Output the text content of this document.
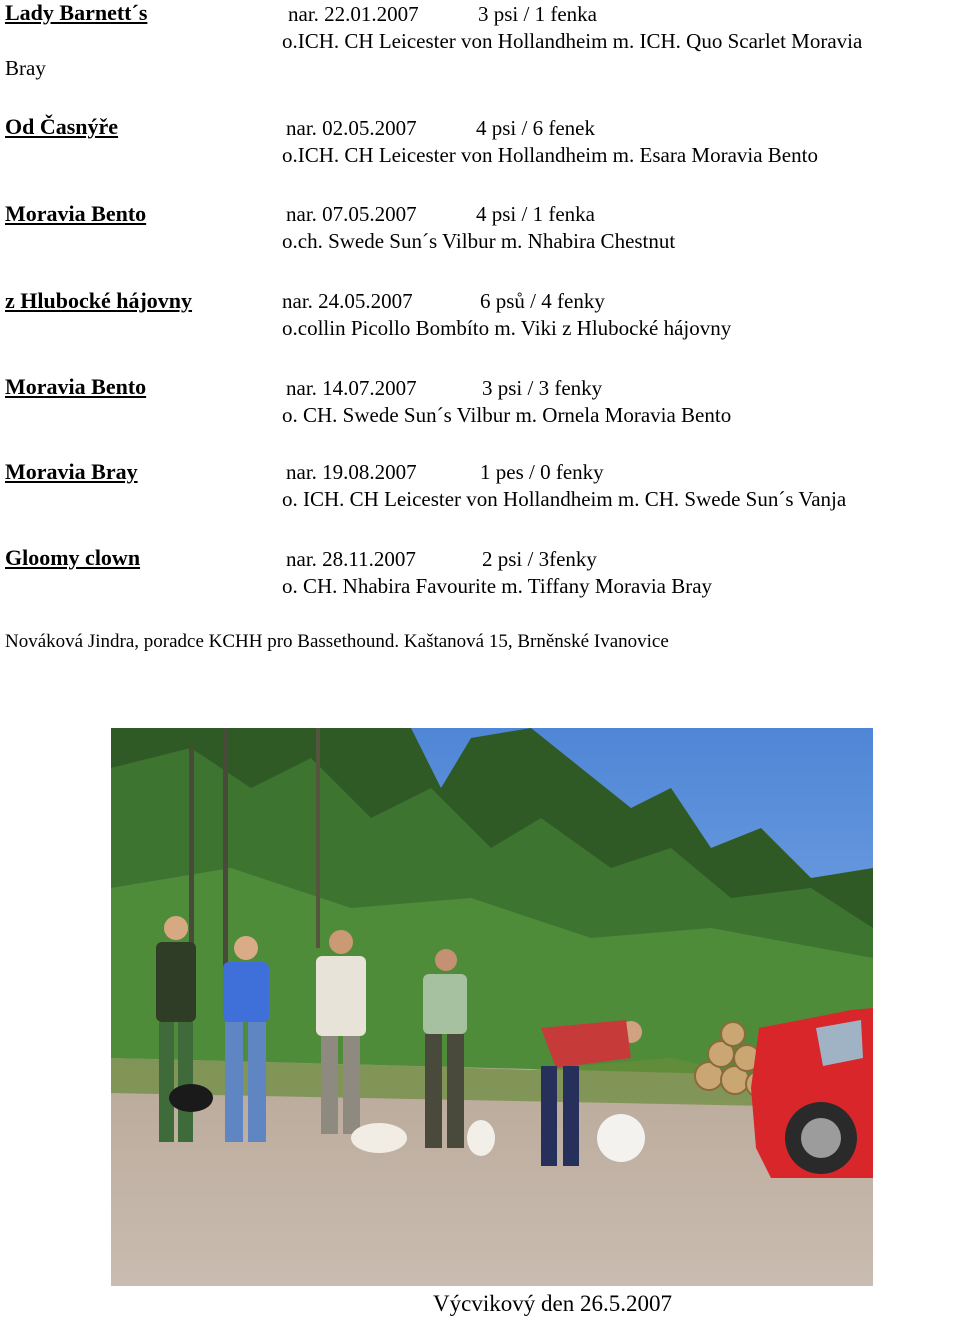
Lady Barnett´s	nar. 22.01.2007	3 psi / 1 fenka
o.ICH. CH Leicester von Hollandheim m. ICH. Quo Scarlet Moravia
Bray
Od Časnýře	nar. 02.05.2007	4 psi / 6 fenek
o.ICH. CH Leicester von Hollandheim m. Esara Moravia Bento
Moravia Bento	nar. 07.05.2007	4 psi / 1 fenka
o.ch. Swede Sun´s Vilbur m. Nhabira Chestnut
z Hlubocké hájovny	nar. 24.05.2007	6 psů / 4 fenky
o.collin Picollo Bombíto m. Viki z Hlubocké hájovny
Moravia Bento	nar. 14.07.2007	3 psi / 3 fenky
o. CH. Swede Sun´s Vilbur m. Ornela Moravia Bento
Moravia Bray	nar. 19.08.2007	1 pes / 0 fenky
o. ICH. CH Leicester von Hollandheim m. CH. Swede Sun´s Vanja
Gloomy clown	nar. 28.11.2007	2 psi / 3fenky
o. CH. Nhabira Favourite m. Tiffany Moravia Bray
Nováková Jindra, poradce KCHH pro Bassethound. Kaštanová 15, Brněnské Ivanovice
Výcvikový den 26.5.2007
